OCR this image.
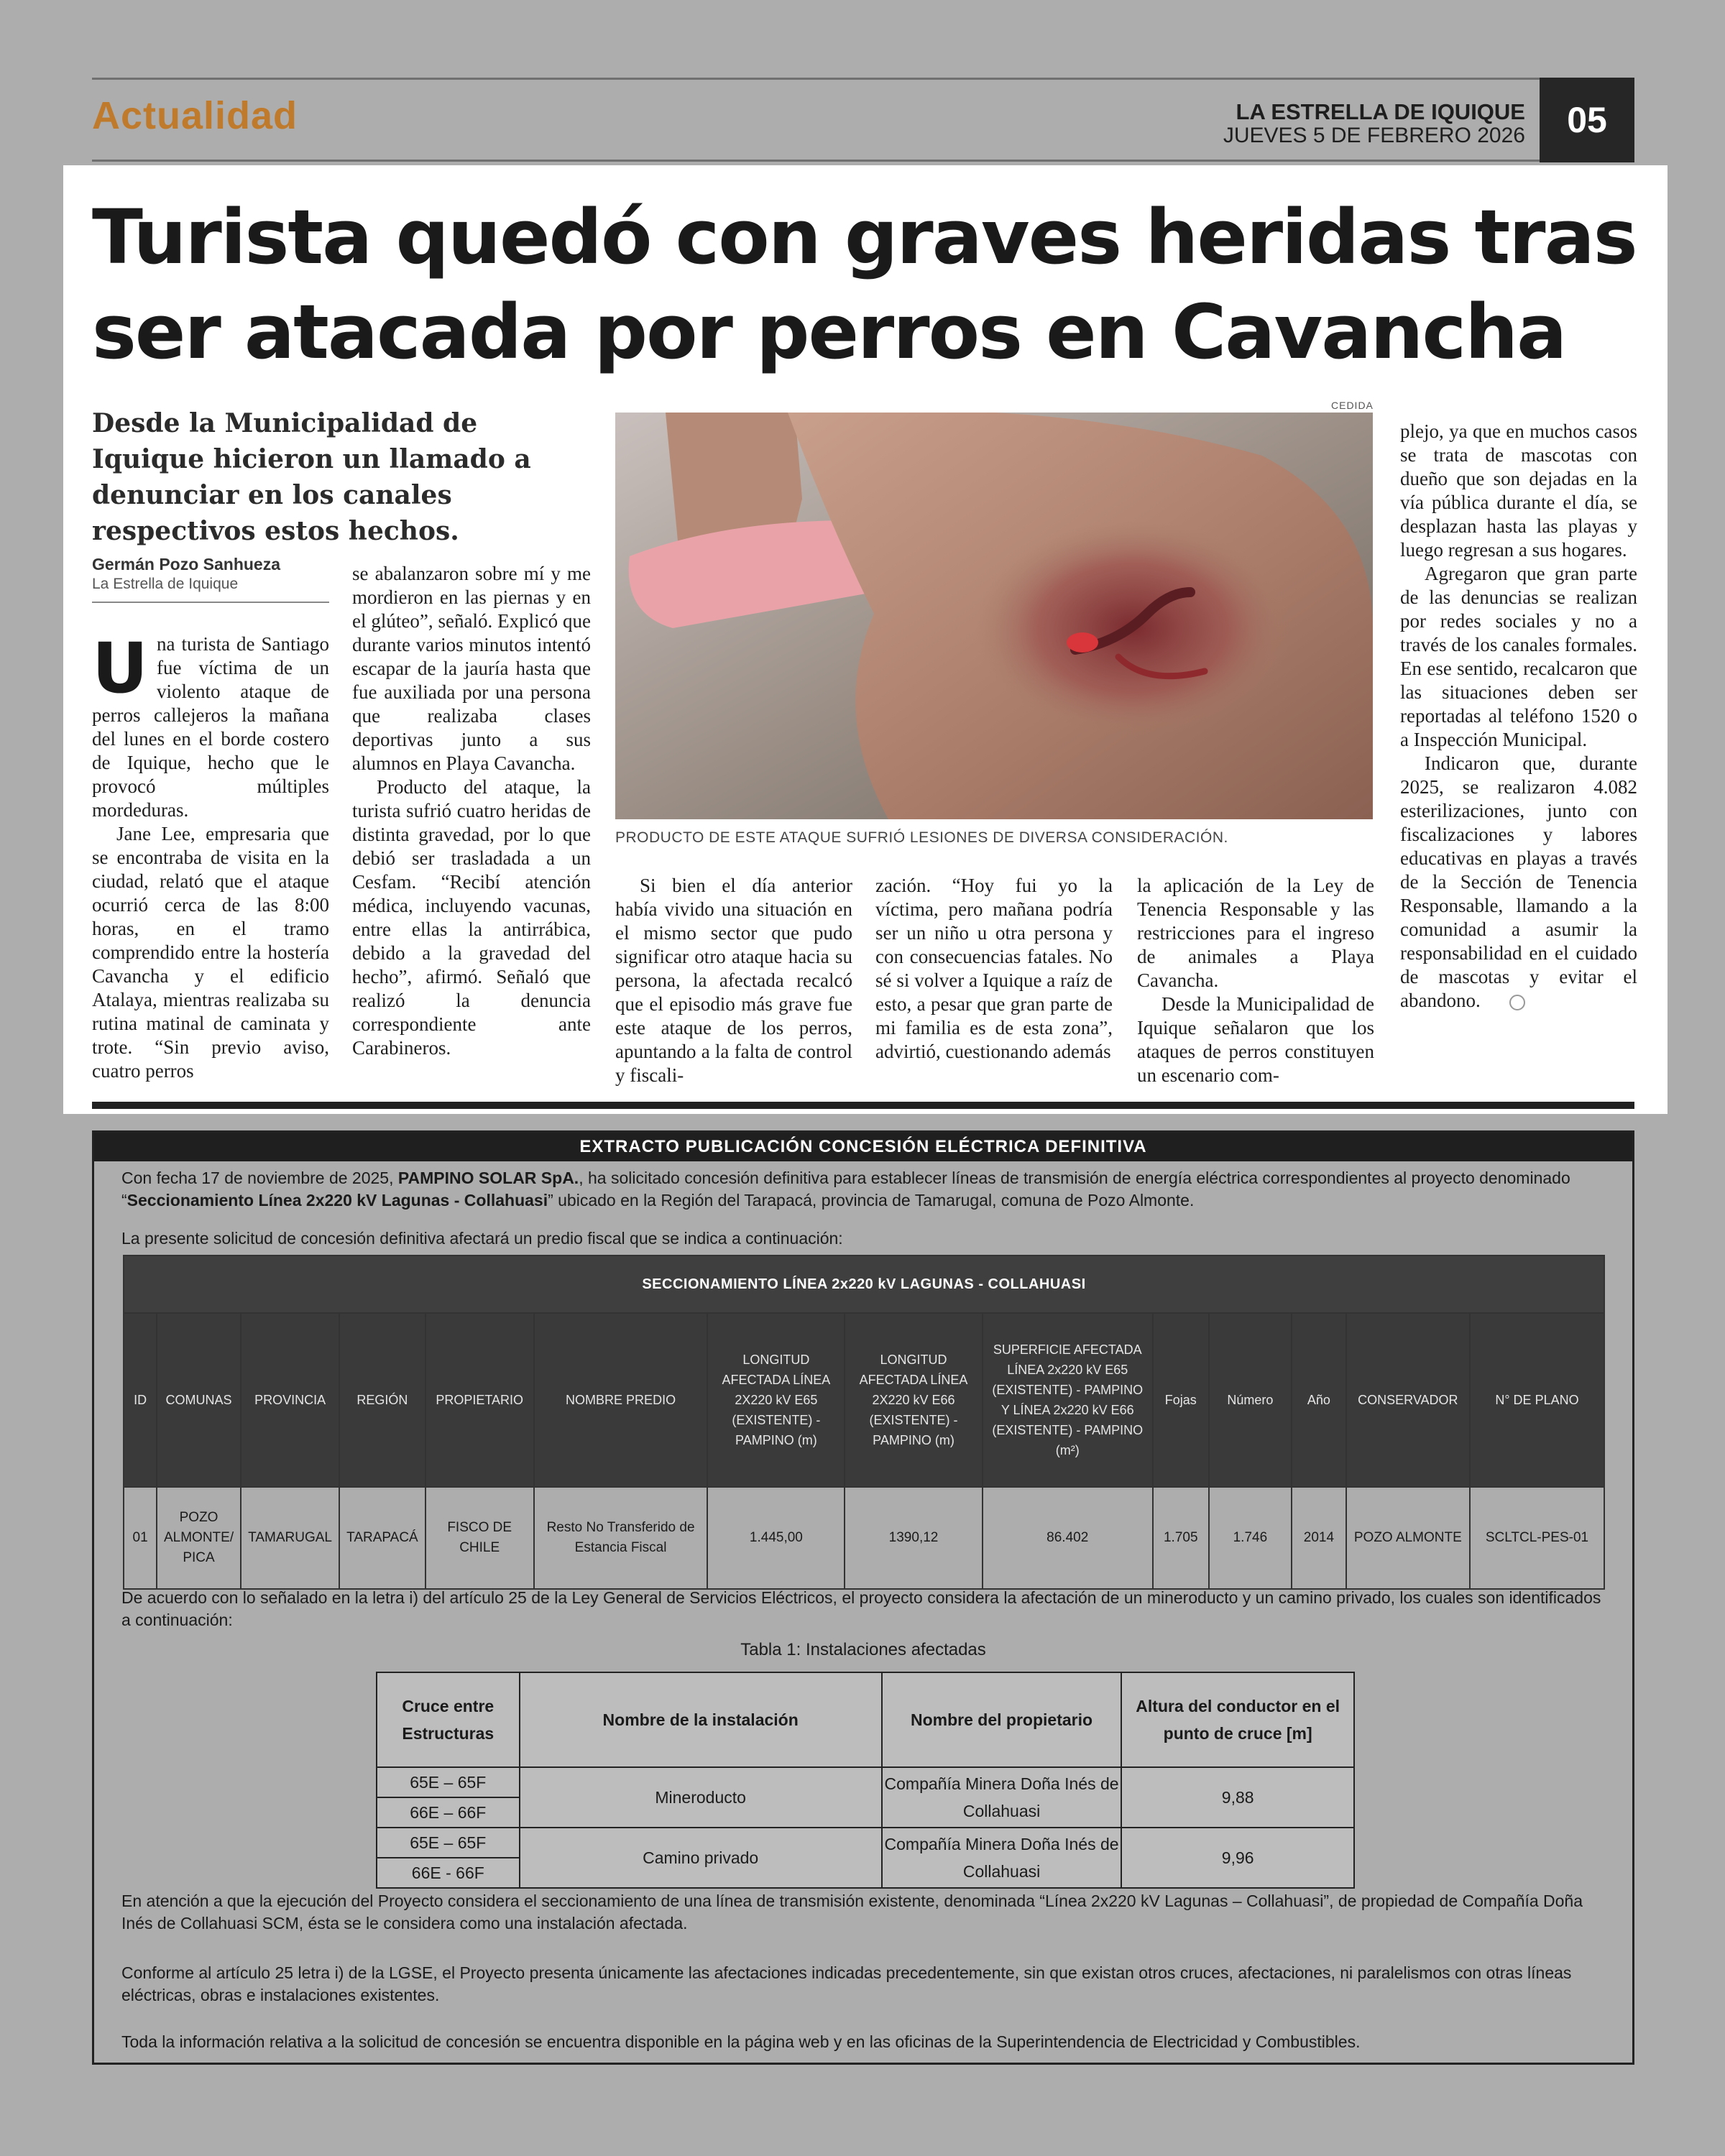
Actualidad	LA ESTRELLA DE IQUIQUE
JUEVES 5 DE FEBRERO 2026	05
Turista quedó con graves heridas tras ser atacada por perros en Cavancha
CEDIDA
Desde la Municipalidad de Iquique hicieron un llamado a denunciar en los canales respectivos estos hechos.
Germán Pozo Sanhueza
La Estrella de Iquique

Una turista de Santiago fue víctima de un violento ataque de perros callejeros la mañana del lunes en el borde costero de Iquique, hecho que le provocó múltiples mordeduras.

Jane Lee, empresaria que se encontraba de visita en la ciudad, relató que el ataque ocurrió cerca de las 8:00 horas, en el tramo comprendido entre la hostería Cavancha y el edificio Atalaya, mientras realizaba su rutina matinal de caminata y trote. “Sin previo aviso, cuatro perros

se abalanzaron sobre mí y me mordieron en las piernas y en el glúteo”, señaló. Explicó que durante varios minutos intentó escapar de la jauría hasta que fue auxiliada por una persona que realizaba clases deportivas junto a sus alumnos en Playa Cavancha.

Producto del ataque, la turista sufrió cuatro heridas de distinta gravedad, por lo que debió ser trasladada a un Cesfam. “Recibí atención médica, incluyendo vacunas, entre ellas la antirrábica, debido a la gravedad del hecho”, afirmó. Señaló que realizó la denuncia correspondiente ante Carabineros.

PRODUCTO DE ESTE ATAQUE SUFRIÓ LESIONES DE DIVERSA CONSIDERACIÓN.

Si bien el día anterior había vivido una situación en el mismo sector que pudo significar otro ataque hacia su persona, la afectada recalcó que el episodio más grave fue este ataque de los perros, apuntando a la falta de control y fiscali-

zación. “Hoy fui yo la víctima, pero mañana podría ser un niño u otra persona y con consecuencias fatales. No sé si volver a Iquique a raíz de esto, a pesar que gran parte de mi familia es de esta zona”, advirtió, cuestionando además

la aplicación de la Ley de Tenencia Responsable y las restricciones para el ingreso de animales a Playa Cavancha.

Desde la Municipalidad de Iquique señalaron que los ataques de perros constituyen un escenario com-

plejo, ya que en muchos casos se trata de mascotas con dueño que son dejadas en la vía pública durante el día, se desplazan hasta las playas y luego regresan a sus hogares.

Agregaron que gran parte de las denuncias se realizan por redes sociales y no a través de los canales formales. En ese sentido, recalcaron que las situaciones deben ser reportadas al teléfono 1520 o a Inspección Municipal.

Indicaron que, durante 2025, se realizaron 4.082 esterilizaciones, junto con fiscalizaciones y labores educativas en playas a través de la Sección de Tenencia Responsable, llamando a la comunidad a asumir la responsabilidad en el cuidado de mascotas y evitar el abandono.

EXTRACTO PUBLICACIÓN CONCESIÓN ELÉCTRICA DEFINITIVA

Con fecha 17 de noviembre de 2025, PAMPINO SOLAR SpA., ha solicitado concesión definitiva para establecer líneas de transmisión de energía eléctrica correspondientes al proyecto denominado “Seccionamiento Línea 2x220 kV Lagunas - Collahuasi” ubicado en la Región del Tarapacá, provincia de Tamarugal, comuna de Pozo Almonte.

La presente solicitud de concesión definitiva afectará un predio fiscal que se indica a continuación:

SECCIONAMIENTO LÍNEA 2x220 kV LAGUNAS - COLLAHUASI													
ID	COMUNAS	PROVINCIA	REGIÓN	PROPIETARIO	NOMBRE PREDIO	LONGITUD AFECTADA LÍNEA 2X220 kV E65 (EXISTENTE) - PAMPINO (m)	LONGITUD AFECTADA LÍNEA 2X220 kV E66 (EXISTENTE) - PAMPINO (m)	SUPERFICIE AFECTADA LÍNEA 2x220 kV E65 (EXISTENTE) - PAMPINO Y LÍNEA 2x220 kV E66 (EXISTENTE) - PAMPINO (m²)	Fojas	Número	Año	CONSERVADOR	N° DE PLANO
01	POZO ALMONTE/ PICA	TAMARUGAL	TARAPACÁ	FISCO DE CHILE	Resto No Transferido de Estancia Fiscal	1.445,00	1390,12	86.402	1.705	1.746	2014	POZO ALMONTE	SCLTCL-PES-01

De acuerdo con lo señalado en la letra i) del artículo 25 de la Ley General de Servicios Eléctricos, el proyecto considera la afectación de un mineroducto y un camino privado, los cuales son identificados a continuación:

Tabla 1: Instalaciones afectadas
Cruce entre Estructuras	Nombre de la instalación	Nombre del propietario	Altura del conductor en el punto de cruce [m]
65E – 65F	Mineroducto	Compañía Minera Doña Inés de Collahuasi	9,88
66E – 66F			
65E – 65F	Camino privado	Compañía Minera Doña Inés de Collahuasi	9,96
66E - 66F			

En atención a que la ejecución del Proyecto considera el seccionamiento de una línea de transmisión existente, denominada “Línea 2x220 kV Lagunas – Collahuasi”, de propiedad de Compañía Doña Inés de Collahuasi SCM, ésta se le considera como una instalación afectada.

Conforme al artículo 25 letra i) de la LGSE, el Proyecto presenta únicamente las afectaciones indicadas precedentemente, sin que existan otros cruces, afectaciones, ni paralelismos con otras líneas eléctricas, obras e instalaciones existentes.

Toda la información relativa a la solicitud de concesión se encuentra disponible en la página web y en las oficinas de la Superintendencia de Electricidad y Combustibles.
